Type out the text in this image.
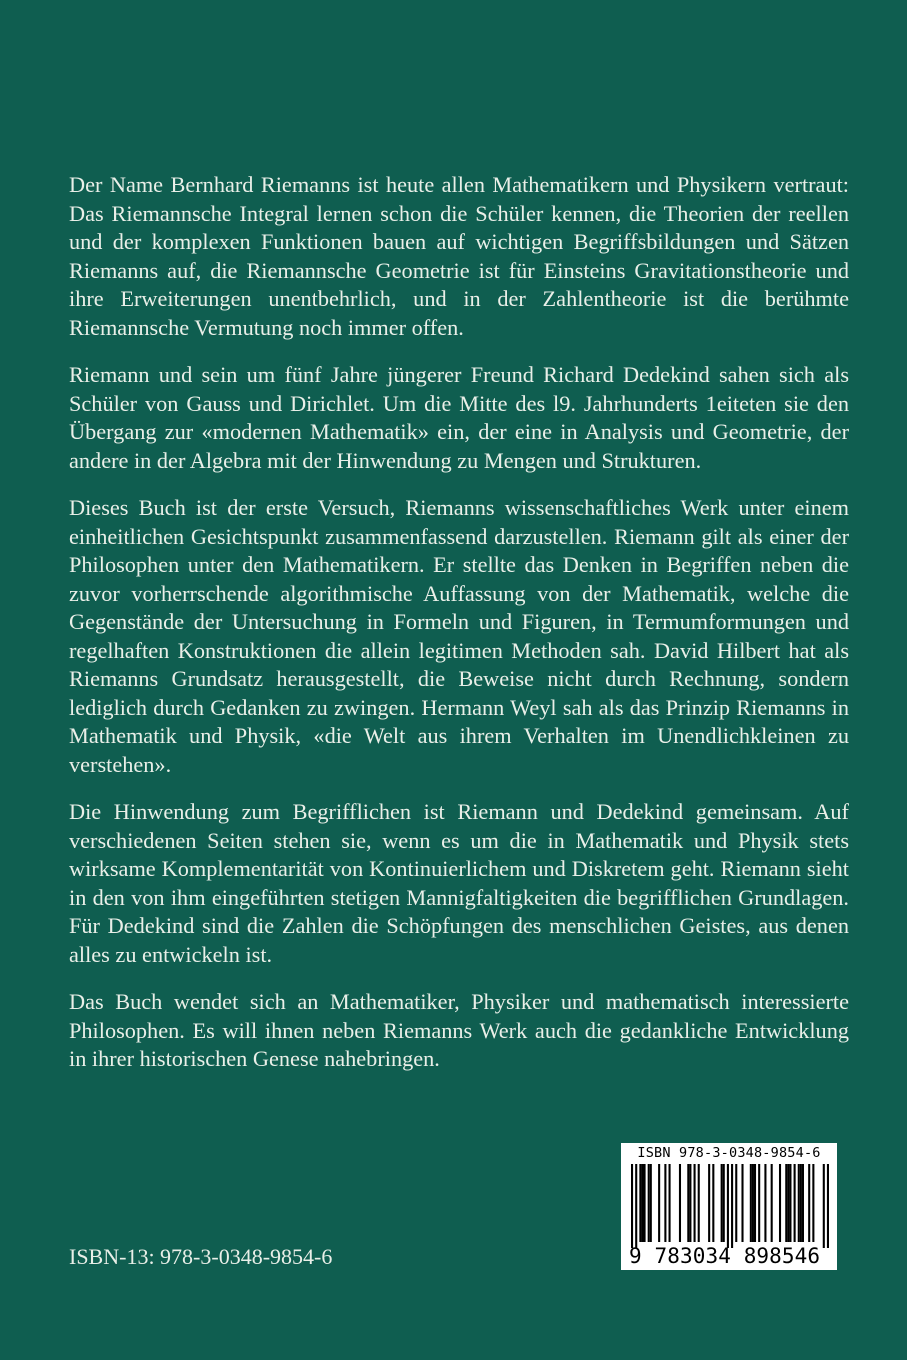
Der Name Bernhard Riemanns ist heute allen Mathematikern und Physikern vertraut: Das Riemannsche Integral lernen schon die Schüler kennen, die Theorien der reellen und der komplexen Funktionen bauen auf wichtigen Begriffsbildungen und Sätzen Riemanns auf, die Riemannsche Geometrie ist für Einsteins Gravitationstheorie und ihre Erweiterungen unentbehrlich, und in der Zahlentheorie ist die berühmte Riemannsche Vermutung noch immer offen.

Riemann und sein um fünf Jahre jüngerer Freund Richard Dedekind sahen sich als Schüler von Gauss und Dirichlet. Um die Mitte des l9. Jahrhunderts 1eiteten sie den Übergang zur «modernen Mathematik» ein, der eine in Analysis und Geometrie, der andere in der Algebra mit der Hinwendung zu Mengen und Strukturen.

Dieses Buch ist der erste Versuch, Riemanns wissenschaftliches Werk unter einem einheitlichen Gesichtspunkt zusammenfassend darzustellen. Riemann gilt als einer der Philosophen unter den Mathematikern. Er stellte das Denken in Begriffen neben die zuvor vorherrschende algorithmische Auffassung von der Mathematik, welche die Gegenstände der Untersuchung in Formeln und Figuren, in Termumformungen und regelhaften Konstruktionen die allein legitimen Methoden sah. David Hilbert hat als Riemanns Grundsatz herausgestellt, die Beweise nicht durch Rechnung, sondern lediglich durch Gedanken zu zwingen. Hermann Weyl sah als das Prinzip Riemanns in Mathematik und Physik, «die Welt aus ihrem Verhalten im Unendlichkleinen zu verstehen».

Die Hinwendung zum Begrifflichen ist Riemann und Dedekind gemeinsam. Auf verschiedenen Seiten stehen sie, wenn es um die in Mathematik und Physik stets wirksame Komplementarität von Kontinuierlichem und Diskretem geht. Riemann sieht in den von ihm eingeführten stetigen Mannigfaltigkeiten die begrifflichen Grundlagen. Für Dedekind sind die Zahlen die Schöpfungen des menschlichen Geistes, aus denen alles zu entwickeln ist.

Das Buch wendet sich an Mathematiker, Physiker und mathematisch interessierte Philosophen. Es will ihnen neben Riemanns Werk auch die gedankliche Entwicklung in ihrer historischen Genese nahebringen.

ISBN-13: 978-3-0348-9854-6
ISBN 978-3-0348-9854-6
9 783034 898546
